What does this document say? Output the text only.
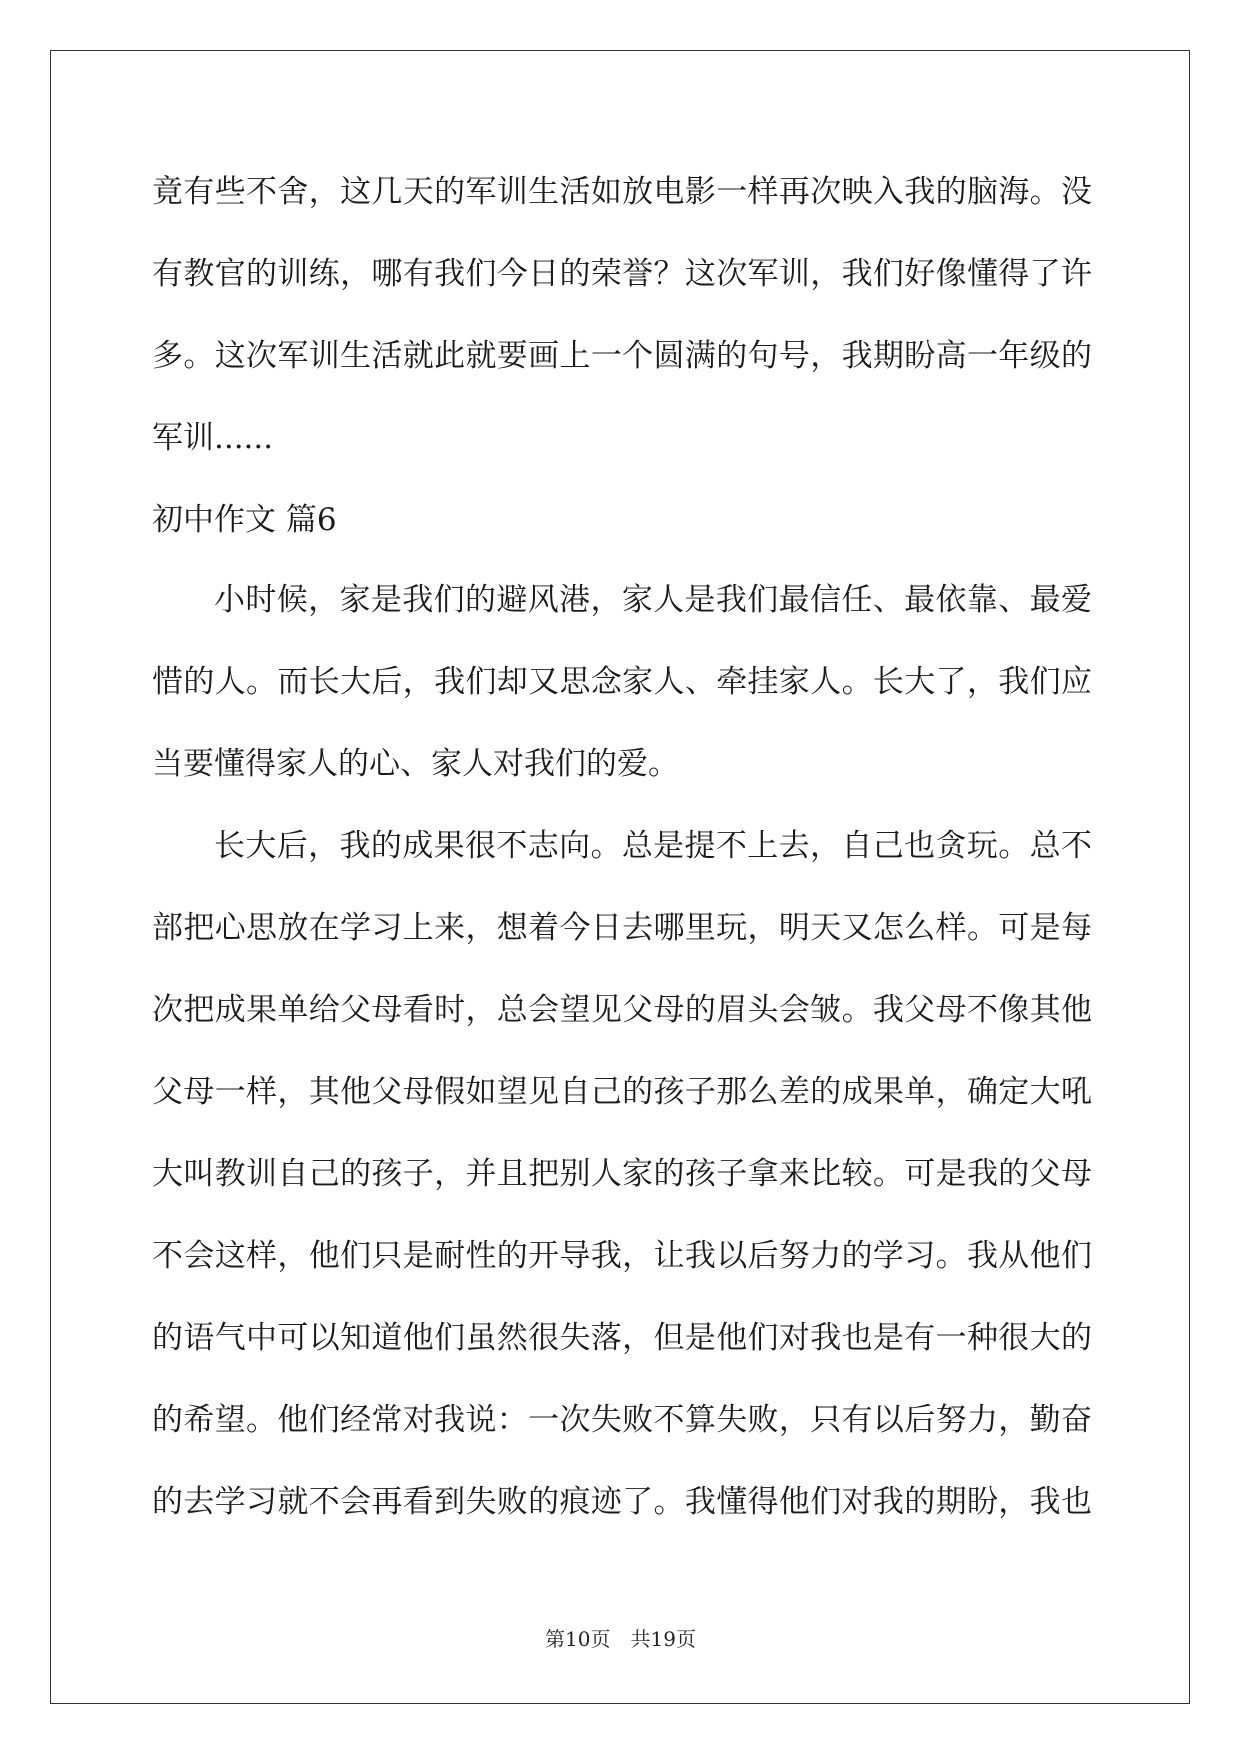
竟有些不舍，这几天的军训生活如放电影一样再次映入我的脑海。没
有教官的训练，哪有我们今日的荣誉？这次军训，我们好像懂得了许
多。这次军训生活就此就要画上一个圆满的句号，我期盼高一年级的
军训......
初中作文 篇6
小时候，家是我们的避风港，家人是我们最信任、最依靠、最爱
惜的人。而长大后，我们却又思念家人、牵挂家人。长大了，我们应
当要懂得家人的心、家人对我们的爱。
长大后，我的成果很不志向。总是提不上去，自己也贪玩。总不
部把心思放在学习上来，想着今日去哪里玩，明天又怎么样。可是每
次把成果单给父母看时，总会望见父母的眉头会皱。我父母不像其他
父母一样，其他父母假如望见自己的孩子那么差的成果单，确定大吼
大叫教训自己的孩子，并且把别人家的孩子拿来比较。可是我的父母
不会这样，他们只是耐性的开导我，让我以后努力的学习。我从他们
的语气中可以知道他们虽然很失落，但是他们对我也是有一种很大的
的希望。他们经常对我说：一次失败不算失败，只有以后努力，勤奋
的去学习就不会再看到失败的痕迹了。我懂得他们对我的期盼，我也
第10页　共19页
